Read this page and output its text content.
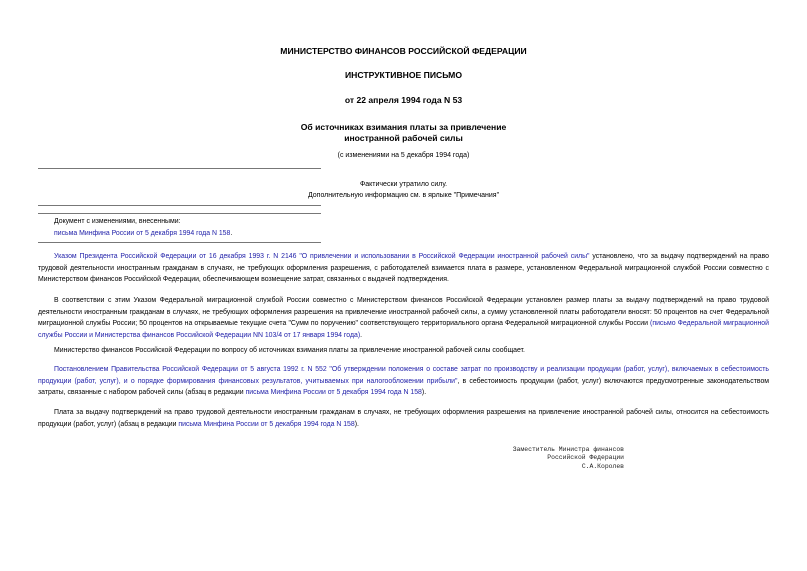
МИНИСТЕРСТВО ФИНАНСОВ РОССИЙСКОЙ ФЕДЕРАЦИИ
ИНСТРУКТИВНОЕ ПИСЬМО
от 22 апреля 1994 года N 53
Об источниках взимания платы за привлечение
иностранной рабочей силы
(с изменениями на 5 декабря 1994 года)
Фактически утратило силу.
Дополнительную информацию см. в ярлыке "Примечания"
Документ с изменениями, внесенными:
письма Минфина России от 5 декабря 1994 года N 158.

Указом Президента Российской Федерации от 16 декабря 1993 г. N 2146 "О привлечении и использовании в Российской Федерации иностранной рабочей силы" установлено, что за выдачу подтверждений на право трудовой деятельности иностранным гражданам в случаях, не требующих оформления разрешения, с работодателей взимается плата в размере, установленном Федеральной миграционной службой России совместно с Министерством финансов Российской Федерации, обеспечивающем возмещение затрат, связанных с выдачей подтверждения.

В соответствии с этим Указом Федеральной миграционной службой России совместно с Министерством финансов Российской Федерации установлен размер платы за выдачу подтверждений на право трудовой деятельности иностранным гражданам в случаях, не требующих оформления разрешения на привлечение иностранной рабочей силы, а сумму установленной платы работодатели вносят: 50 процентов на счет Федеральной миграционной службы России; 50 процентов на открываемые текущие счета "Сумм по поручению" соответствующего территориального органа Федеральной миграционной службы России (письмо Федеральной миграционной службы России и Министерства финансов Российской Федерации NN 103/4 от 17 января 1994 года).

Министерство финансов Российской Федерации по вопросу об источниках взимания платы за привлечение иностранной рабочей силы сообщает.

Постановлением Правительства Российской Федерации от 5 августа 1992 г. N 552 "Об утверждении положения о составе затрат по производству и реализации продукции (работ, услуг), включаемых в себестоимость продукции (работ, услуг), и о порядке формирования финансовых результатов, учитываемых при налогообложении прибыли", в себестоимость продукции (работ, услуг) включаются предусмотренные законодательством затраты, связанные с набором рабочей силы (абзац в редакции письма Минфина России от 5 декабря 1994 года N 158).

Плата за выдачу подтверждений на право трудовой деятельности иностранным гражданам в случаях, не требующих оформления разрешения на привлечение иностранной рабочей силы, относится на себестоимость продукции (работ, услуг) (абзац в редакции письма Минфина России от 5 декабря 1994 года N 158).

Заместитель Министра финансов
Российской Федерации
С.А.Королев
